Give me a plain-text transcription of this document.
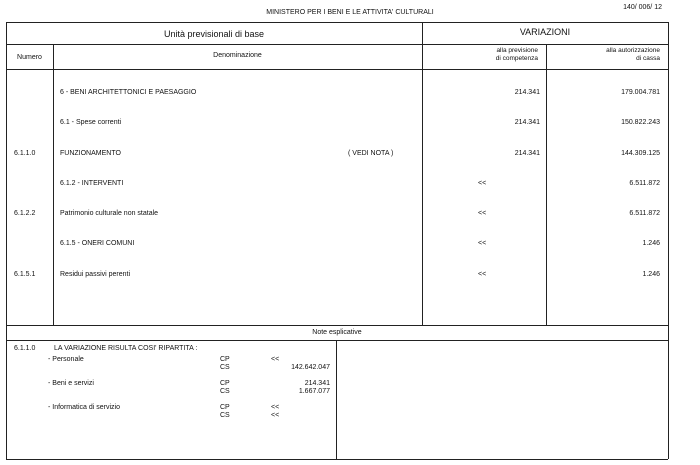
MINISTERO PER I BENI E LE ATTIVITA' CULTURALI
140/ 006/ 12
Unità previsionali di base	VARIAZIONI
Numero	Denominazione
alla previsione
di competenza
alla autorizzazione
di cassa
6 - BENI ARCHITETTONICI E PAESAGGIO	214.341	179.004.781
6.1 - Spese correnti	214.341	150.822.243
6.1.1.0	FUNZIONAMENTO	( VEDI NOTA )	214.341	144.309.125
6.1.2 - INTERVENTI	<<	6.511.872
6.1.2.2	Patrimonio culturale non statale	<<	6.511.872
6.1.5 - ONERI COMUNI	<<	1.246
6.1.5.1	Residui passivi perenti	<<	1.246
Note esplicative
6.1.1.0	LA VARIAZIONE RISULTA COSI' RIPARTITA :
- Personale	CP	<<
CS	142.642.047
- Beni e servizi	CP	214.341
CS	1.667.077
- Informatica di servizio	CP	<<
CS	<<
